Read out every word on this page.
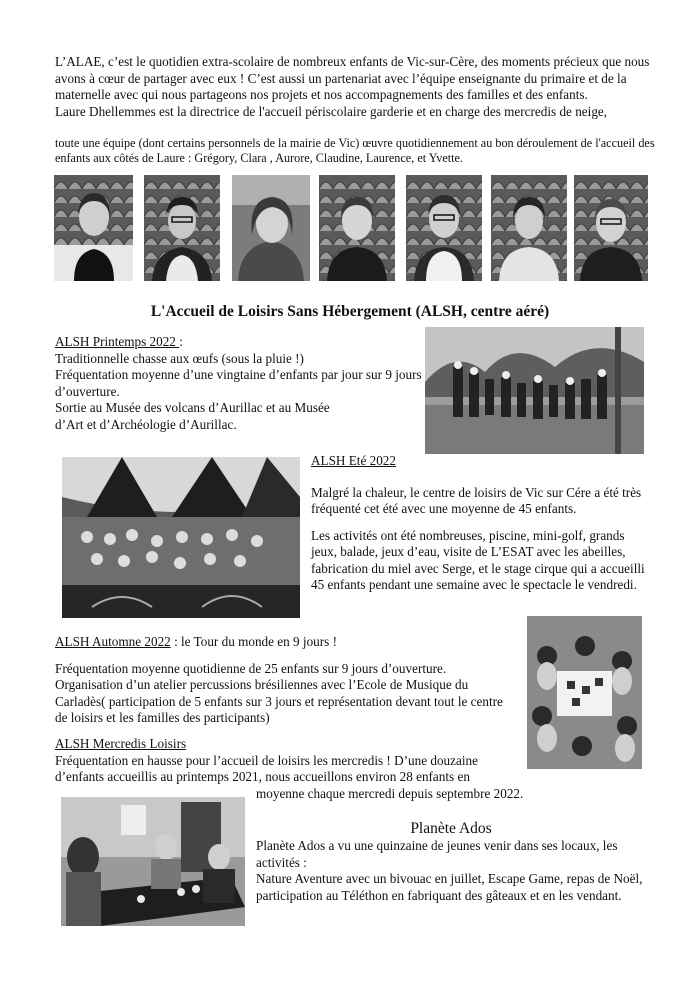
L’ALAE, c’est le quotidien extra-scolaire de nombreux enfants de Vic-sur-Cère, des moments précieux que nous avons à cœur de partager avec eux ! C’est aussi un partenariat avec l’équipe enseignante du primaire et de la maternelle avec qui nous partageons nos projets et nos accompagnements des familles et des enfants.

Laure Dhellemmes est la directrice de l'accueil périscolaire garderie et en charge des mercredis de neige,

toute une équipe (dont certains personnels de la mairie de Vic) œuvre quotidiennement au bon déroulement de l'accueil des enfants aux côtés de Laure : Grégory, Clara , Aurore, Claudine, Laurence, et Yvette.
L'Accueil de Loisirs Sans Hébergement (ALSH, centre aéré)

ALSH Printemps 2022 :

Traditionnelle chasse aux œufs (sous la pluie !)

Fréquentation moyenne d’une vingtaine d’enfants par jour sur 9 jours d’ouverture.

Sortie au Musée des volcans d’Aurillac et au Musée

d’Art et d’Archéologie d’Aurillac.

ALSH Eté 2022

Malgré la chaleur, le centre de loisirs de Vic sur Cére a été très fréquenté cet été avec une moyenne de 45 enfants.

Les activités ont été nombreuses, piscine, mini-golf, grands jeux, balade, jeux d’eau, visite de L’ESAT avec les abeilles, fabrication du miel avec Serge, et le stage cirque qui a accueilli 45 enfants pendant une semaine avec le spectacle le vendredi.

ALSH Automne 2022 : le Tour du monde en 9 jours !

Fréquentation moyenne quotidienne de 25 enfants sur 9 jours d’ouverture.

Organisation d’un atelier percussions brésiliennes avec l’Ecole de Musique du Carladès( participation de 5 enfants sur 3 jours et représentation devant tout le centre de loisirs et les familles des participants)

ALSH Mercredis Loisirs

Fréquentation en hausse pour l’accueil de loisirs les mercredis ! D’une douzaine d’enfants accueillis au printemps 2021, nous accueillons environ 28 enfants en

moyenne chaque mercredi depuis septembre 2022.
Planète Ados

Planète Ados a vu une quinzaine de jeunes venir dans ses locaux, les activités :

Nature Aventure avec un bivouac en juillet, Escape Game, repas de Noël, participation au Téléthon en fabriquant des gâteaux et en les vendant.
